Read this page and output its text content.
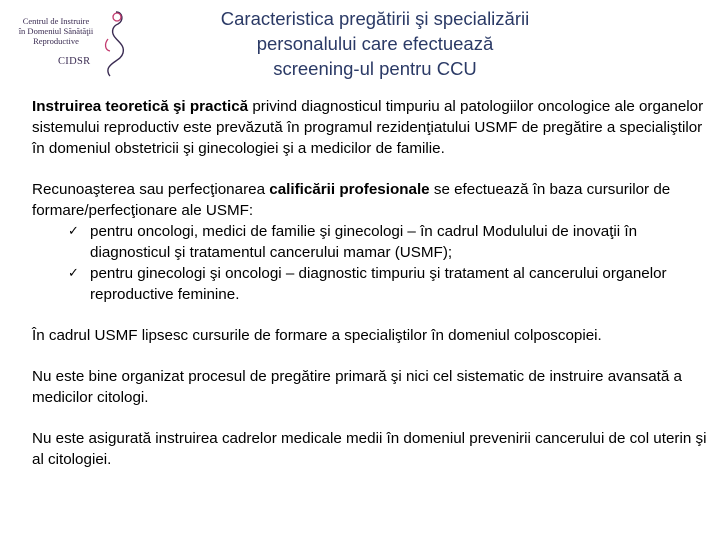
Centrul de Instruire
în Domeniul Sănătăţii
Reproductive
CIDSR
Caracteristica pregătirii şi specializării
personalului care efectuează
screening-ul pentru CCU

Instruirea teoretică şi practică privind diagnosticul timpuriu al patologiilor oncologice ale organelor sistemului reproductiv este prevăzută în programul rezidenţiatului USMF de pregătire a specialiştilor în domeniul obstetricii şi ginecologiei şi a medicilor de familie.

Recunoaşterea sau perfecţionarea calificării profesionale se efectuează în baza cursurilor de formare/perfecţionare ale USMF:

✓ pentru oncologi, medici de familie şi ginecologi – în cadrul Modulului de inovaţii în diagnosticul şi tratamentul cancerului mamar (USMF);
✓ pentru ginecologi şi oncologi – diagnostic timpuriu şi tratament al cancerului organelor reproductive feminine.

În cadrul USMF lipsesc cursurile de formare a specialiştilor în domeniul colposcopiei.

Nu este bine organizat procesul de pregătire primară şi nici cel sistematic de instruire avansată a medicilor citologi.

Nu este asigurată instruirea cadrelor medicale medii în domeniul prevenirii cancerului de col uterin şi al citologiei.
